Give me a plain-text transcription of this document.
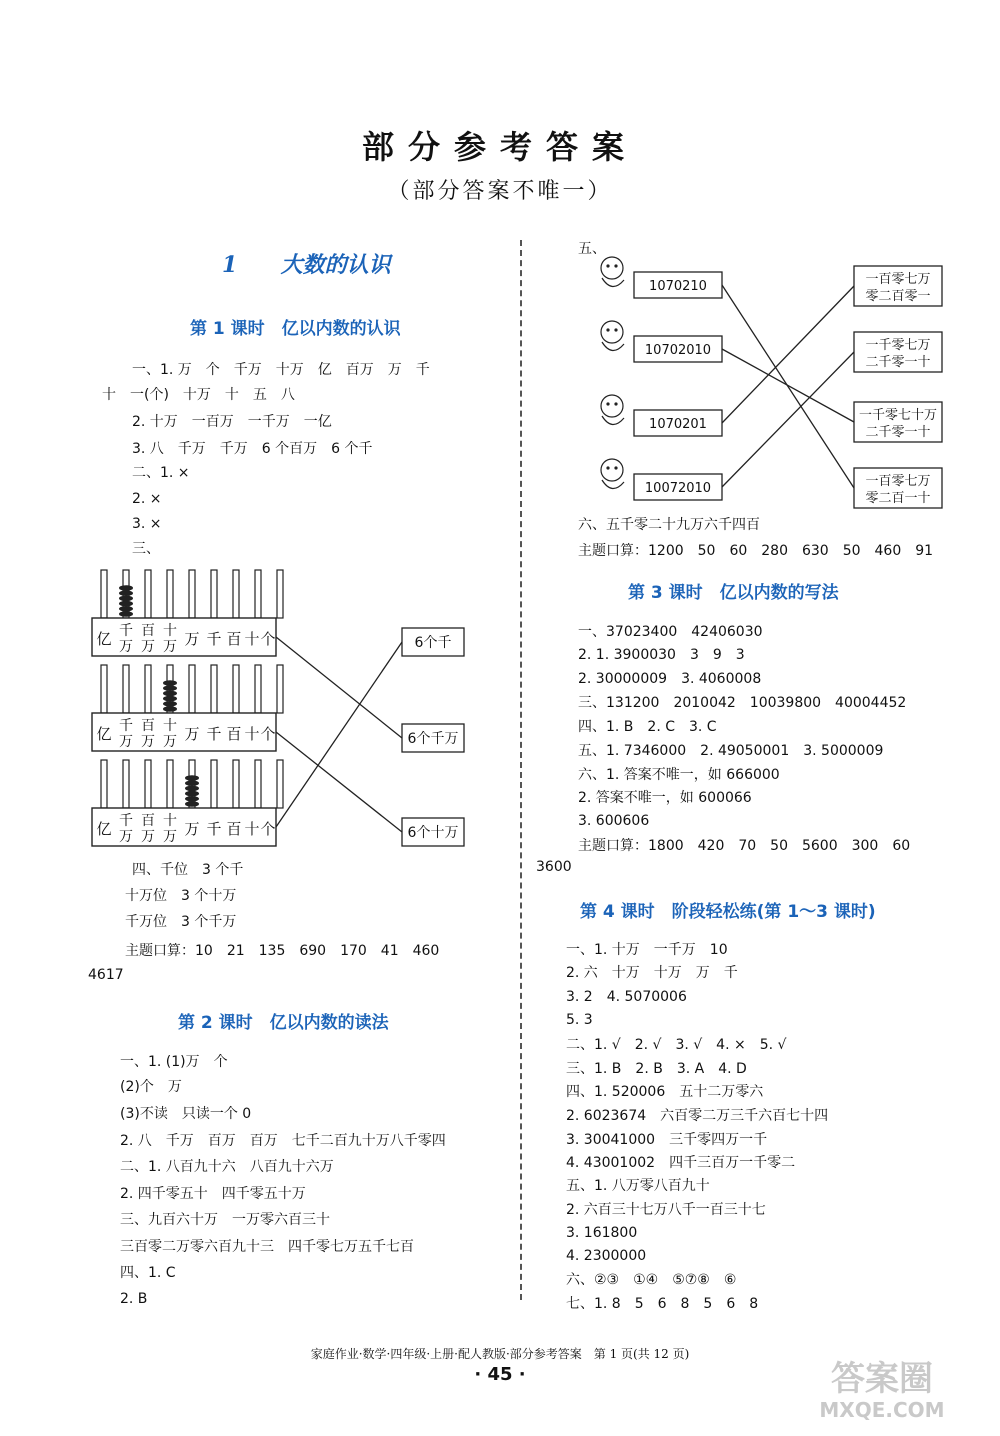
部分参考答案
（部分答案不唯一）
1 大数的认识
第 1 课时　亿以内数的认识
一、1. 万　个　千万　十万　亿　百万　万　千
十　一(个)　十万　十　五　八
2. 十万　一百万　一千万　一亿
3. 八　千万　千万　6 个百万　6 个千
二、1. ×
2. ×
3. ×
三、
亿 千
万
百
万
十
万 万 千 百 十 个
亿 千
万
百
万
十
万 万 千 百 十 个
亿 千
万
百
万
十
万 万 千 百 十 个
6个千
6个千万
6个十万
四、千位　3 个千
十万位　3 个十万
千万位　3 个千万
主题口算：10　21　135　690　170　41　460
4617
第 2 课时　亿以内数的读法
一、1. (1)万　个
(2)个　万
(3)不读　只读一个 0
2. 八　千万　百万　百万　七千二百九十万八千零四
二、1. 八百九十六　八百九十六万
2. 四千零五十　四千零五十万
三、九百六十万　一万零六百三十
三百零二万零六百九十三　四千零七万五千七百
四、1. C
2. B
五、
1070210
10702010
1070201
10072010
一百零七万
零二百零一
一千零七万
二千零一十
一千零七十万
二千零一十
一百零七万
零二百一十
六、五千零二十九万六千四百
主题口算：1200　50　60　280　630　50　460　91
第 3 课时　亿以内数的写法
一、37023400　42406030
2. 1. 3900030　3　9　3
2. 30000009　3. 4060008
三、131200　2010042　10039800　40004452
四、1. B　2. C　3. C
五、1. 7346000　2. 49050001　3. 5000009
六、1. 答案不唯一，如 666000
2. 答案不唯一，如 600066
3. 600606
主题口算：1800　420　70　50　5600　300　60
3600
第 4 课时　阶段轻松练(第 1～3 课时)
一、1. 十万　一千万　10
2. 六　十万　十万　万　千
3. 2　4. 5070006
5. 3
二、1. √　2. √　3. √　4. ×　5. √
三、1. B　2. B　3. A　4. D
四、1. 520006　五十二万零六
2. 6023674　六百零二万三千六百七十四
3. 30041000　三千零四万一千
4. 43001002　四千三百万一千零二
五、1. 八万零八百九十
2. 六百三十七万八千一百三十七
3. 161800
4. 2300000
六、②③　①④　⑤⑦⑧　⑥
七、1. 8　5　6　8　5　6　8
家庭作业·数学·四年级·上册·配人教版·部分参考答案　第 1 页(共 12 页)
· 45 ·	答案圈
MXQE.COM
